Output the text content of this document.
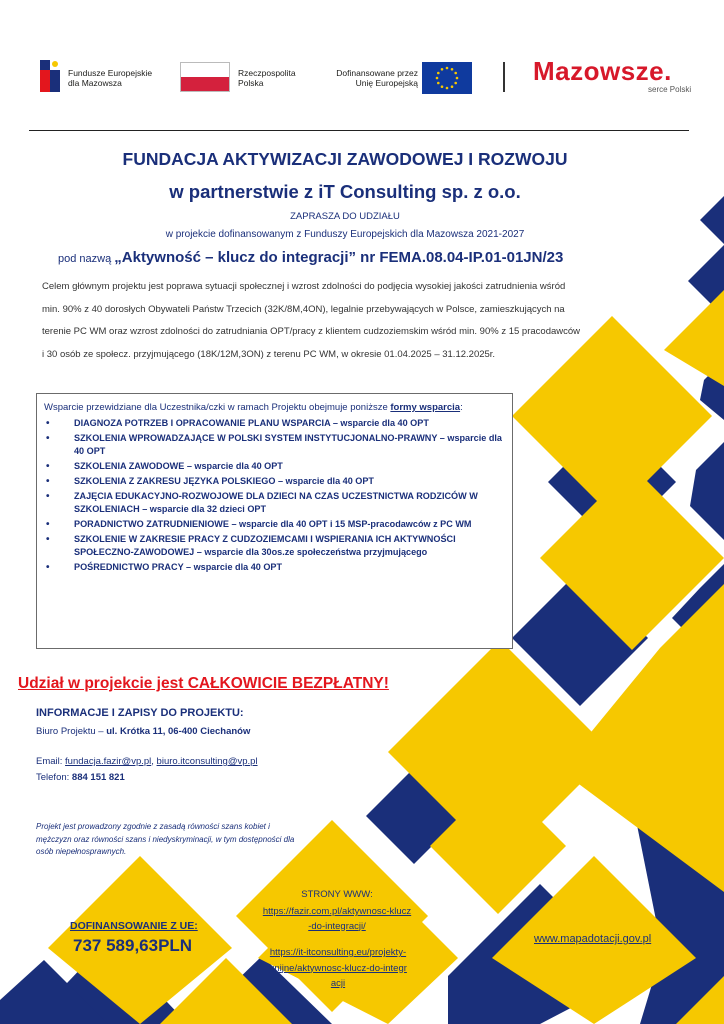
Fundusze Europejskie
dla Mazowsza
Rzeczpospolita
Polska
Dofinansowane przez
Unię Europejską	Mazowsze.
serce Polski
FUNDACJA AKTYWIZACJI ZAWODOWEJ I ROZWOJU
w partnerstwie z iT Consulting sp. z o.o.
ZAPRASZA DO UDZIAŁU
w projekcie dofinansowanym z Funduszy Europejskich dla Mazowsza 2021-2027
pod nazwą „Aktywność – klucz do integracji” nr FEMA.08.04-IP.01-01JN/23
Celem głównym projektu jest poprawa sytuacji społecznej i wzrost zdolności do podjęcia wysokiej jakości zatrudnienia wśród min. 90% z 40 dorosłych Obywateli Państw Trzecich (32K/8M,4ON), legalnie przebywających w Polsce, zamieszkujących na terenie PC WM oraz wzrost zdolności do zatrudniania OPT/pracy z klientem cudzoziemskim wśród min. 90% z 15 pracodawców i 30 osób ze społecz. przyjmującego (18K/12M,3ON) z terenu PC WM, w okresie 01.04.2025 – 31.12.2025r.
Wsparcie przewidziane dla Uczestnika/czki w ramach Projektu obejmuje poniższe formy wsparcia:
• DIAGNOZA POTRZEB I OPRACOWANIE PLANU WSPARCIA – wsparcie dla 40 OPT
• SZKOLENIA WPROWADZAJĄCE W POLSKI SYSTEM INSTYTUCJONALNO-PRAWNY – wsparcie dla 40 OPT
• SZKOLENIA ZAWODOWE – wsparcie dla 40 OPT
• SZKOLENIA Z ZAKRESU JĘZYKA POLSKIEGO – wsparcie dla 40 OPT
• ZAJĘCIA EDUKACYJNO-ROZWOJOWE DLA DZIECI NA CZAS UCZESTNICTWA RODZICÓW W SZKOLENIACH – wsparcie dla 32 dzieci OPT
• PORADNICTWO ZATRUDNIENIOWE – wsparcie dla 40 OPT i 15 MSP-pracodawców z PC WM
• SZKOLENIE W ZAKRESIE PRACY Z CUDZOZIEMCAMI I WSPIERANIA ICH AKTYWNOŚCI SPOŁECZNO-ZAWODOWEJ – wsparcie dla 30os.ze społeczeństwa przyjmującego
• POŚREDNICTWO PRACY – wsparcie dla 40 OPT
Udział w projekcie jest CAŁKOWICIE BEZPŁATNY!
INFORMACJE I ZAPISY DO PROJEKTU:
Biuro Projektu – ul. Krótka 11, 06-400 Ciechanów
Email: fundacja.fazir@vp.pl, biuro.itconsulting@vp.pl
Telefon: 884 151 821
Projekt jest prowadzony zgodnie z zasadą równości szans kobiet i mężczyzn oraz równości szans i niedyskryminacji, w tym dostępności dla osób niepełnosprawnych.
DOFINANSOWANIE Z UE:
737 589,63PLN
STRONY WWW:
https://fazir.com.pl/aktywnosc-klucz-do-integracji/
https://it-itconsulting.eu/projekty-unijne/aktywnosc-klucz-do-integracji
www.mapadotacji.gov.pl
